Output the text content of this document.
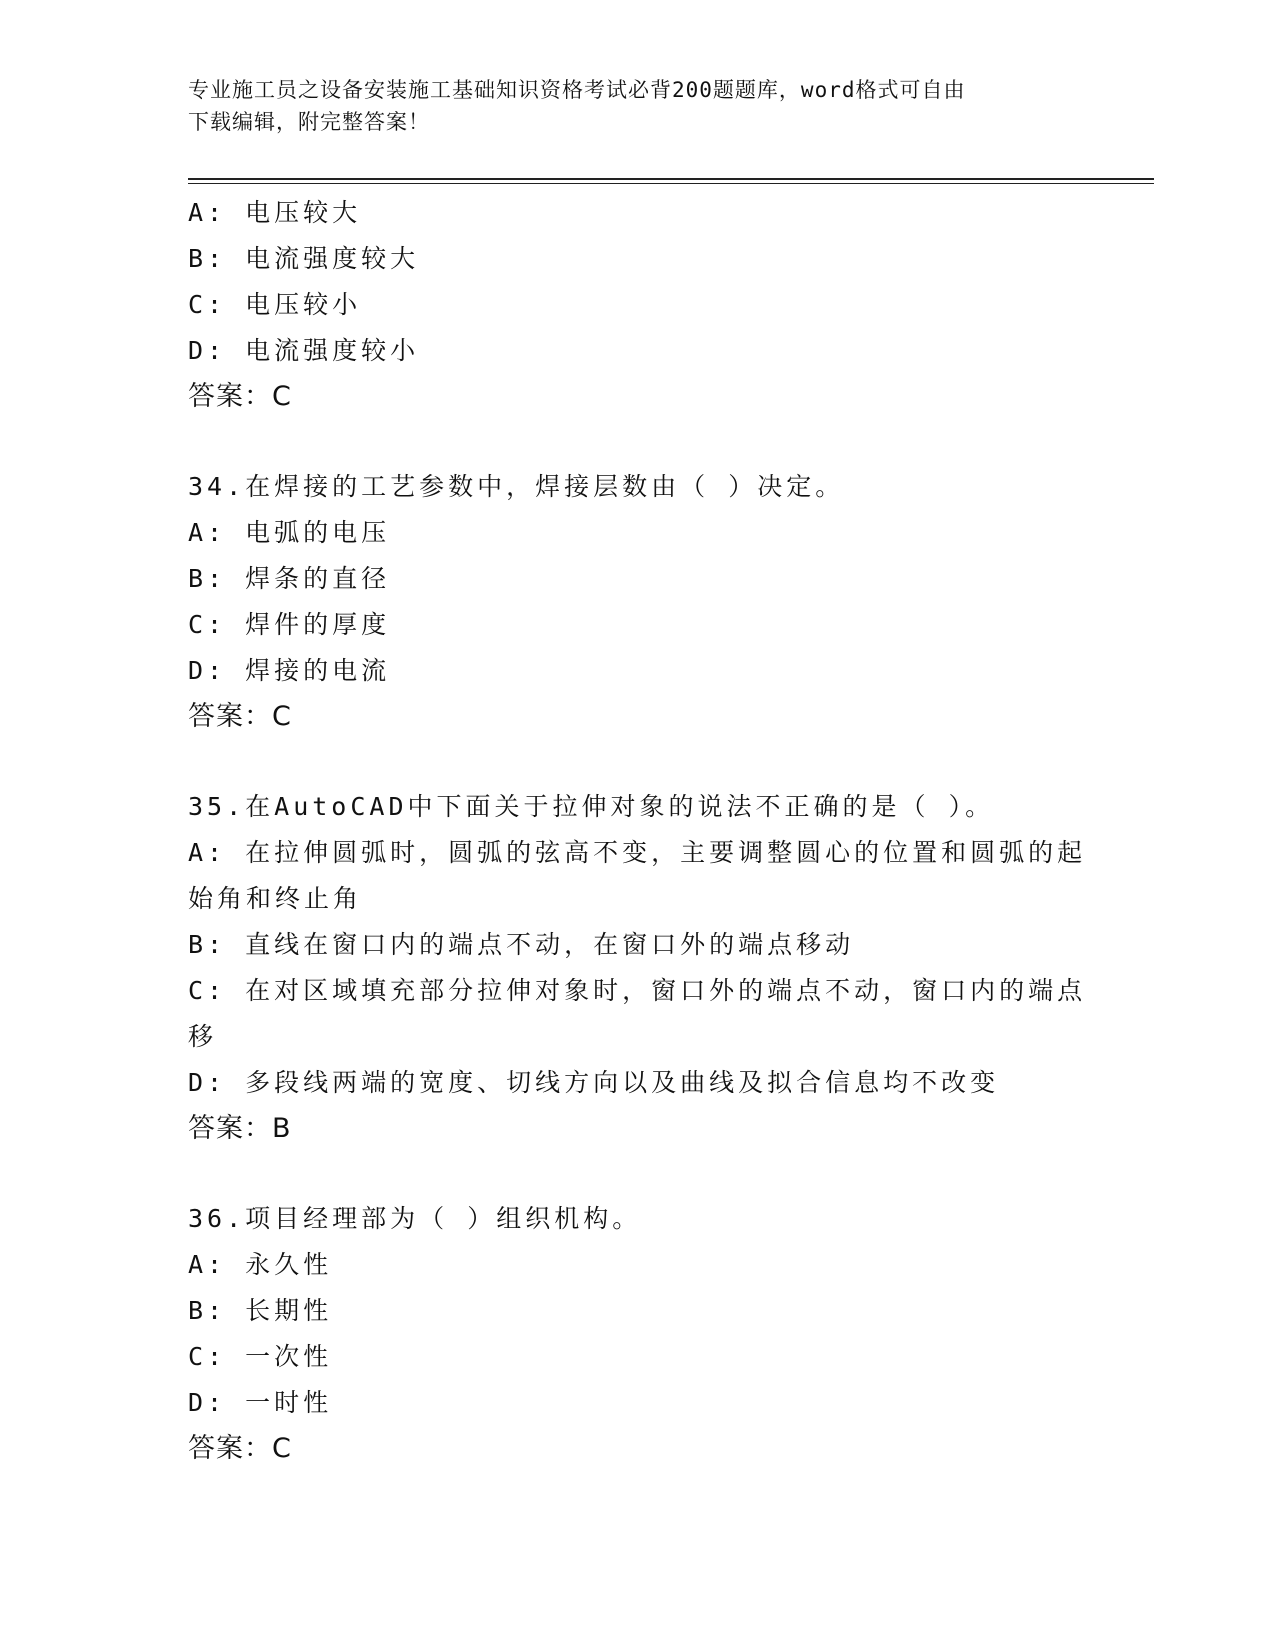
专业施工员之设备安装施工基础知识资格考试必背200题题库，word格式可自由
下载编辑，附完整答案！
A: 电压较大
B: 电流强度较大
C: 电压较小
D: 电流强度较小
答案：C
34.在焊接的工艺参数中，焊接层数由（ ）决定。
A: 电弧的电压
B: 焊条的直径
C: 焊件的厚度
D: 焊接的电流
答案：C
35.在AutoCAD中下面关于拉伸对象的说法不正确的是（ ）。
A: 在拉伸圆弧时，圆弧的弦高不变，主要调整圆心的位置和圆弧的起
始角和终止角
B: 直线在窗口内的端点不动，在窗口外的端点移动
C: 在对区域填充部分拉伸对象时，窗口外的端点不动，窗口内的端点
移
D: 多段线两端的宽度、切线方向以及曲线及拟合信息均不改变
答案：B
36.项目经理部为（ ）组织机构。
A: 永久性
B: 长期性
C: 一次性
D: 一时性
答案：C
